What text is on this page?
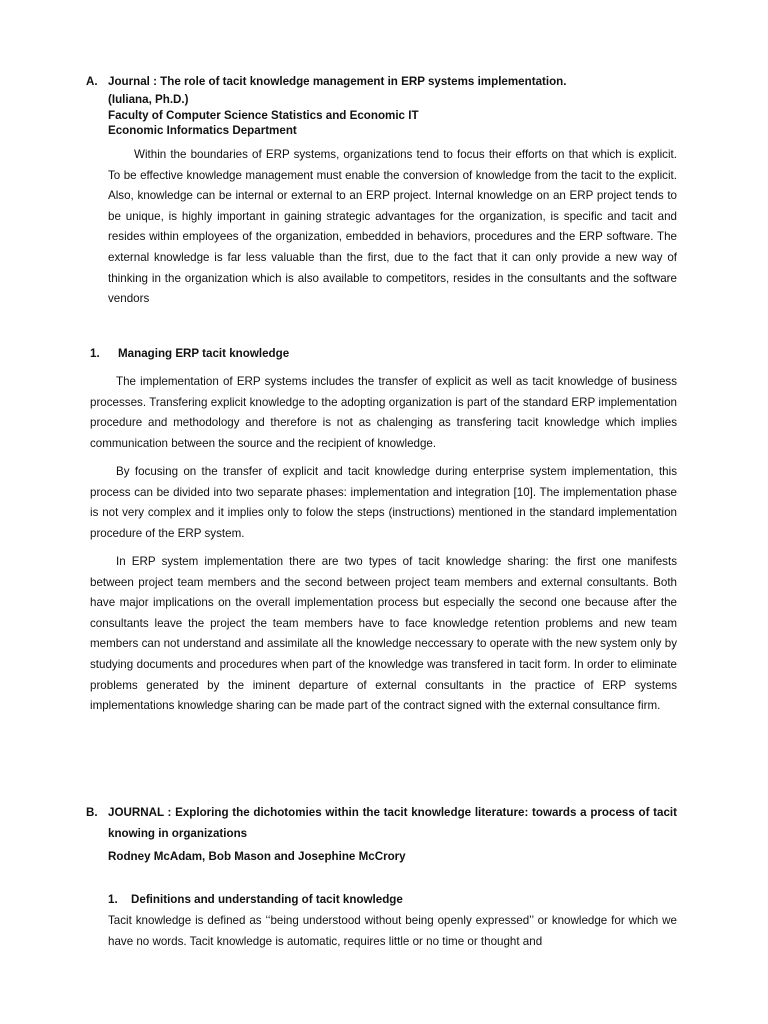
A. Journal : The role of tacit knowledge management in ERP systems implementation.
(Iuliana, Ph.D.)
Faculty of Computer Science Statistics and Economic IT
Economic Informatics Department

Within the boundaries of ERP systems, organizations tend to focus their efforts on that which is explicit. To be effective knowledge management must enable the conversion of knowledge from the tacit to the explicit. Also, knowledge can be internal or external to an ERP project. Internal knowledge on an ERP project tends to be unique, is highly important in gaining strategic advantages for the organization, is specific and tacit and resides within employees of the organization, embedded in behaviors, procedures and the ERP software. The external knowledge is far less valuable than the first, due to the fact that it can only provide a new way of thinking in the organization which is also available to competitors, resides in the consultants and the software vendors

1. Managing ERP tacit knowledge

The implementation of ERP systems includes the transfer of explicit as well as tacit knowledge of business processes. Transfering explicit knowledge to the adopting organization is part of the standard ERP implementation procedure and methodology and therefore is not as chalenging as transfering tacit knowledge which implies communication between the source and the recipient of knowledge.

By focusing on the transfer of explicit and tacit knowledge during enterprise system implementation, this process can be divided into two separate phases: implementation and integration [10]. The implementation phase is not very complex and it implies only to folow the steps (instructions) mentioned in the standard implementation procedure of the ERP system.

In ERP system implementation there are two types of tacit knowledge sharing: the first one manifests between project team members and the second between project team members and external consultants. Both have major implications on the overall implementation process but especially the second one because after the consultants leave the project the team members have to face knowledge retention problems and new team members can not understand and assimilate all the knowledge neccessary to operate with the new system only by studying documents and procedures when part of the knowledge was transfered in tacit form. In order to eliminate problems generated by the iminent departure of external consultants in the practice of ERP systems implementations knowledge sharing can be made part of the contract signed with the external consultance firm.

B. JOURNAL : Exploring the dichotomies within the tacit knowledge literature: towards a process of tacit knowing in organizations

Rodney McAdam, Bob Mason and Josephine McCrory
1. Definitions and understanding of tacit knowledge

Tacit knowledge is defined as ‘‘being understood without being openly expressed’’ or knowledge for which we have no words. Tacit knowledge is automatic, requires little or no time or thought and
